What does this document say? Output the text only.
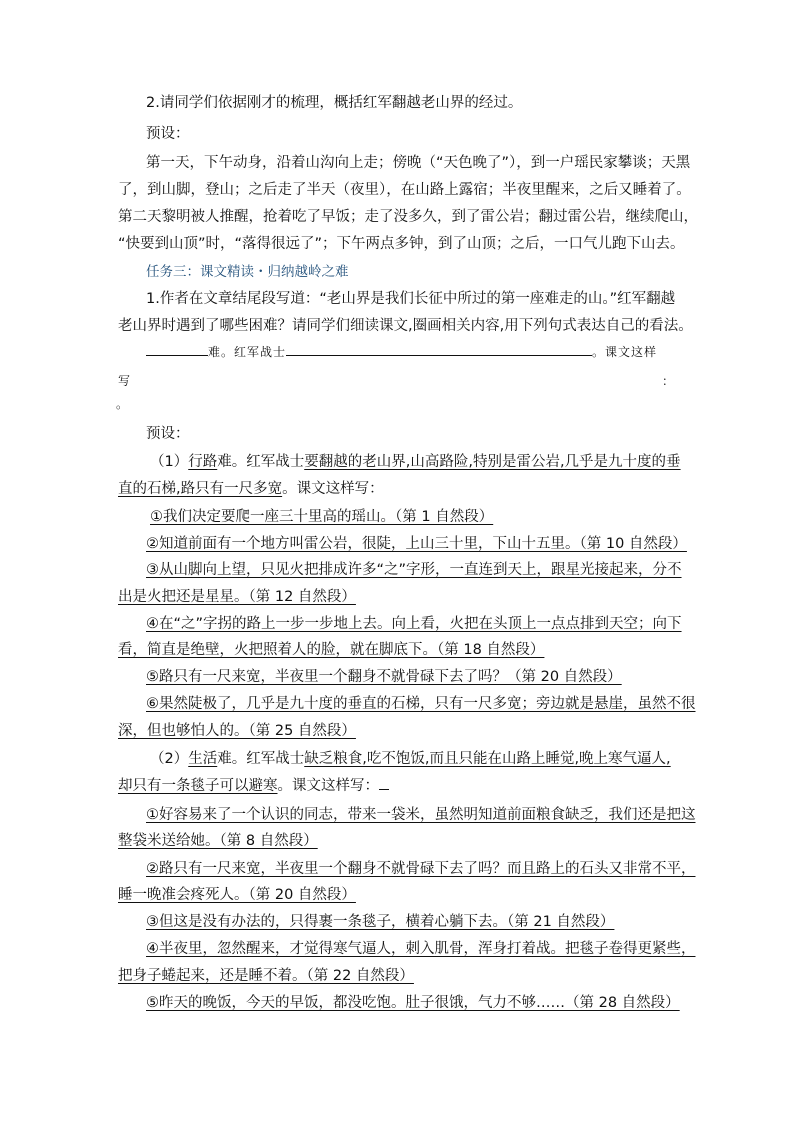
2.请同学们依据刚才的梳理，概括红军翻越老山界的经过。
预设：
第一天，下午动身，沿着山沟向上走；傍晚（“天色晚了”），到一户瑶民家攀谈；天黑
了，到山脚，登山；之后走了半天（夜里），在山路上露宿；半夜里醒来，之后又睡着了。
第二天黎明被人推醒，抢着吃了早饭；走了没多久，到了雷公岩；翻过雷公岩，继续爬山，
“快要到山顶”时，“落得很远了”；下午两点多钟，到了山顶；之后，一口气儿跑下山去。
任务三：课文精读・归纳越岭之难
1.作者在文章结尾段写道：“老山界是我们长征中所过的第一座难走的山。”红军翻越
老山界时遇到了哪些困难？请同学们细读课文,圈画相关内容,用下列句式表达自己的看法。
难。红军战士	。课文这样
写	：
。
预设：
（1）行路难。红军战士要翻越的老山界,山高路险,特别是雷公岩,几乎是九十度的垂
直的石梯,路只有一尺多宽。课文这样写：
①我们决定要爬一座三十里高的瑶山。（第 1 自然段）
②知道前面有一个地方叫雷公岩，很陡，上山三十里，下山十五里。（第 10 自然段）
③从山脚向上望，只见火把排成许多“之”字形，一直连到天上，跟星光接起来，分不
出是火把还是星星。（第 12 自然段）
④在“之”字拐的路上一步一步地上去。向上看，火把在头顶上一点点排到天空；向下
看，简直是绝壁，火把照着人的脸，就在脚底下。（第 18 自然段）
⑤路只有一尺来宽，半夜里一个翻身不就骨碌下去了吗？（第 20 自然段）
⑥果然陡极了，几乎是九十度的垂直的石梯，只有一尺多宽；旁边就是悬崖，虽然不很
深，但也够怕人的。（第 25 自然段）
（2）生活难。红军战士缺乏粮食,吃不饱饭,而且只能在山路上睡觉,晚上寒气逼人,
却只有一条毯子可以避寒。课文这样写：
①好容易来了一个认识的同志，带来一袋米，虽然明知道前面粮食缺乏，我们还是把这
整袋米送给她。（第 8 自然段）
②路只有一尺来宽，半夜里一个翻身不就骨碌下去了吗？而且路上的石头又非常不平，
睡一晚准会疼死人。（第 20 自然段）
③但这是没有办法的，只得裹一条毯子，横着心躺下去。（第 21 自然段）
④半夜里，忽然醒来，才觉得寒气逼人，刺入肌骨，浑身打着战。把毯子卷得更紧些，
把身子蜷起来，还是睡不着。（第 22 自然段）
⑤昨天的晚饭，今天的早饭，都没吃饱。肚子很饿，气力不够……（第 28 自然段）
